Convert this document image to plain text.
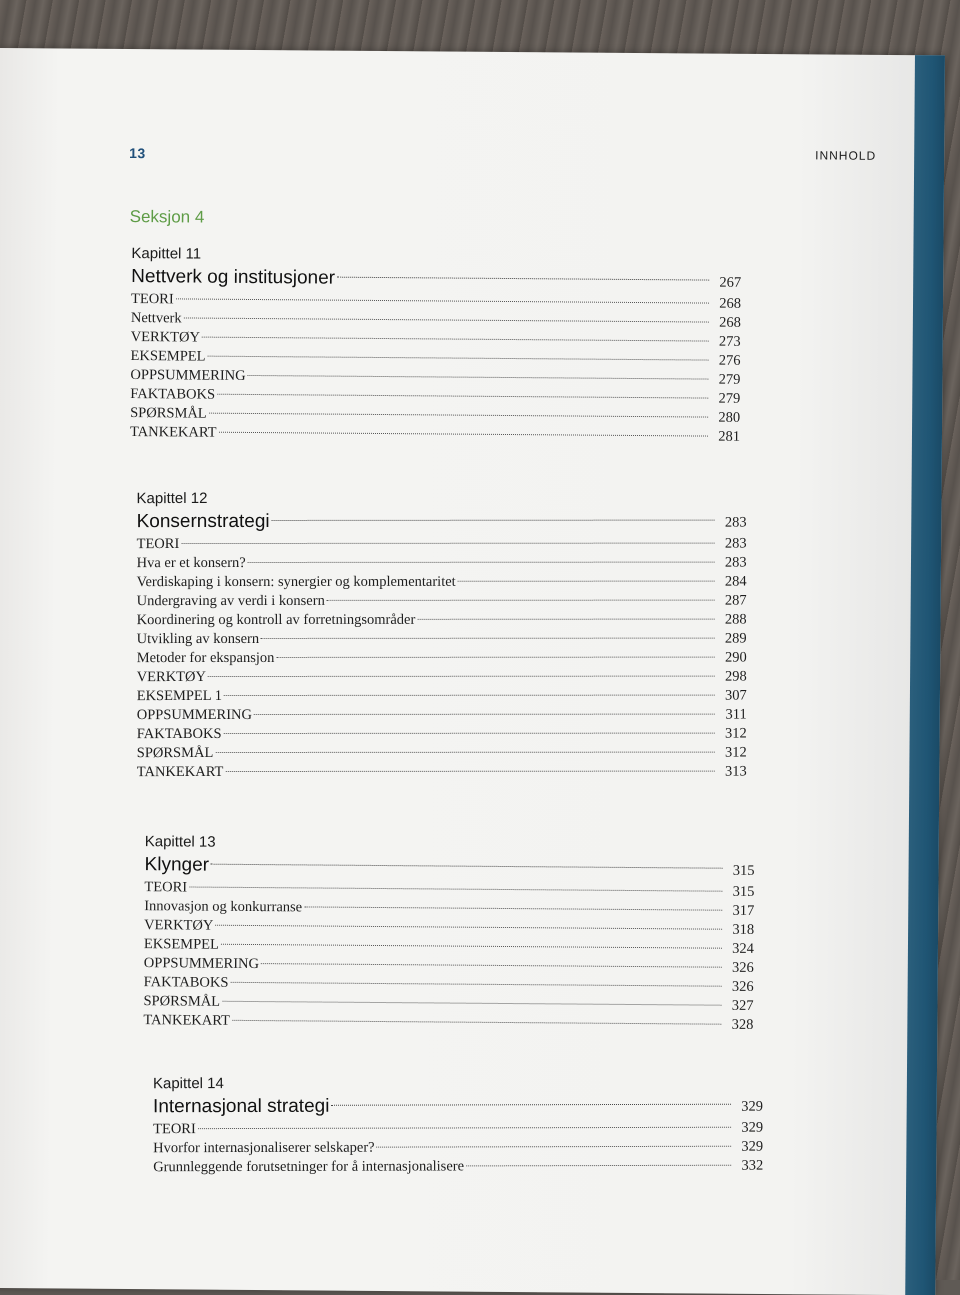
13	INNHOLD
Seksjon 4
Kapittel 11
Nettverk og institusjoner	267
TEORI	268
Nettverk	268
VERKTØY	273
EKSEMPEL	276
OPPSUMMERING	279
FAKTABOKS	279
SPØRSMÅL	280
TANKEKART	281
Kapittel 12
Konsernstrategi	283
TEORI	283
Hva er et konsern?	283
Verdiskaping i konsern: synergier og komplementaritet	284
Undergraving av verdi i konsern	287
Koordinering og kontroll av forretningsområder	288
Utvikling av konsern	289
Metoder for ekspansjon	290
VERKTØY	298
EKSEMPEL 1	307
OPPSUMMERING	311
FAKTABOKS	312
SPØRSMÅL	312
TANKEKART	313
Kapittel 13
Klynger	315
TEORI	315
Innovasjon og konkurranse	317
VERKTØY	318
EKSEMPEL	324
OPPSUMMERING	326
FAKTABOKS	326
SPØRSMÅL	327
TANKEKART	328
Kapittel 14
Internasjonal strategi	329
TEORI	329
Hvorfor internasjonaliserer selskaper?	329
Grunnleggende forutsetninger for å internasjonalisere	332
